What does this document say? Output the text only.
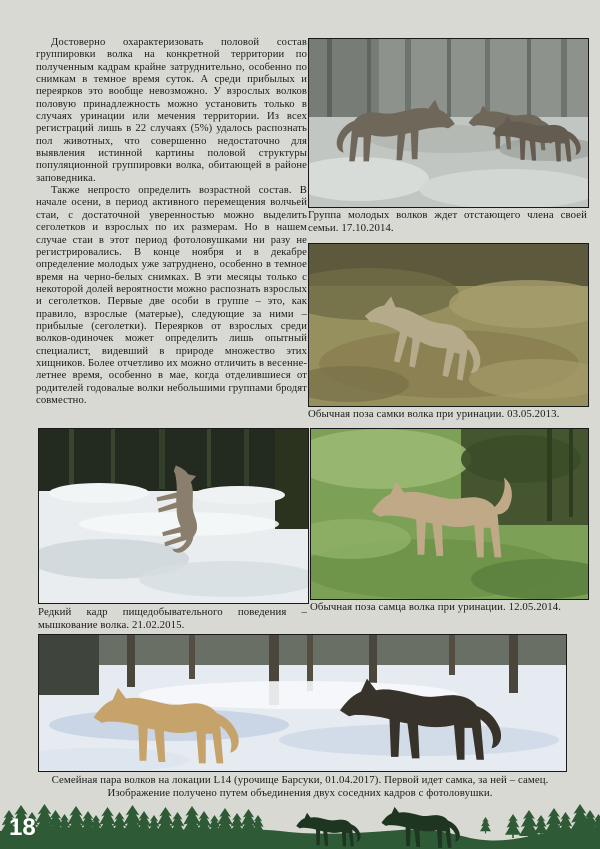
Достоверно охарактеризовать половой состав группировки волка на конкретной территории по полученным кадрам крайне затруднительно, особенно по снимкам в темное время суток. А среди прибылых и переярков это вообще невозможно. У взрослых волков половую принадлежность можно установить только в случаях уринации или мечения территории. Из всех регистраций лишь в 22 случаях (5%) удалось распознать пол животных, что совершенно недостаточно для выявления истинной картины половой структуры популяционной группировки волка, обитающей в районе заповедника.

Также непросто определить возрастной состав. В начале осени, в период активного перемещения волчьей стаи, с достаточной уверенностью можно выделить сеголетков и взрослых по их размерам. Но в нашем случае стаи в этот период фотоловушками ни разу не регистрировались. В конце ноября и в декабре определение молодых уже затруднено, особенно в темное время на черно-белых снимках. В эти месяцы только с некоторой долей вероятности можно распознать взрослых и сеголетков. Первые две особи в группе – это, как правило, взрослые (матерые), следующие за ними – прибылые (сеголетки). Переярков от взрослых среди волков-одиночек может определить лишь опытный специалист, видевший в природе множество этих хищников. Более отчетливо их можно отличить в весенне-летнее время, особенно в мае, когда отделившиеся от родителей годовалые волки небольшими группами бродят совместно.

Группа молодых волков ждет отстающего члена своей семьи. 17.10.2014.
Обычная поза самки волка при уринации. 03.05.2013.
Редкий кадр пищедобывательного поведения – мышкование волка. 21.02.2015.
Обычная поза самца волка при уринации. 12.05.2014.
Семейная пара волков на локации L14 (урочище Барсуки, 01.04.2017). Первой идет самка, за ней – самец.
Изображение получено путем объединения двух соседних кадров с фотоловушки.
18
